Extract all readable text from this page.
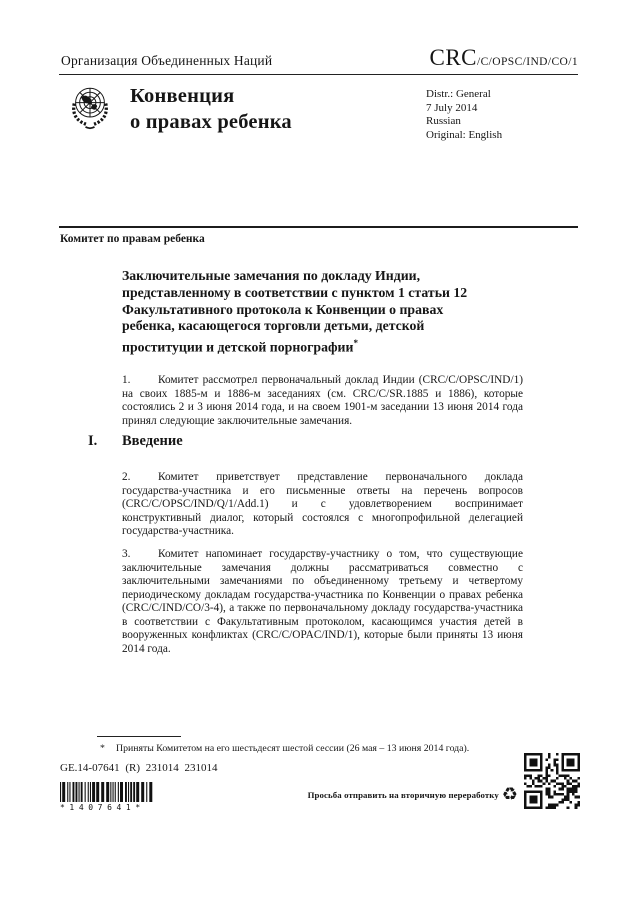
Организация Объединенных Наций	CRC /C/OPSC/IND/CO/1
Конвенция
о правах ребенка
Distr.: General
7 July 2014
Russian
Original: English
Комитет по правам ребенка
Заключительные замечания по докладу Индии, представленному в соответствии с пунктом 1 статьи 12 Факультативного протокола к Конвенции о правах ребенка, касающегося торговли детьми, детской проституции и детской порнографии*

1. Комитет рассмотрел первоначальный доклад Индии (CRC/C/OPSC/IND/1) на своих 1885-м и 1886-м заседаниях (см. CRC/C/SR.1885 и 1886), которые состоялись 2 и 3 июня 2014 года, и на своем 1901-м заседании 13 июня 2014 года принял следующие заключительные замечания.

I. Введение

2. Комитет приветствует представление первоначального доклада государства-участника и его письменные ответы на перечень вопросов (CRC/C/OPSC/IND/Q/1/Add.1) и с удовлетворением воспринимает конструктивный диалог, который состоялся с многопрофильной делегацией государства-участника.

3. Комитет напоминает государству-участнику о том, что существующие заключительные замечания должны рассматриваться совместно с заключительными замечаниями по объединенному третьему и четвертому периодическому докладам государства-участника по Конвенции о правах ребенка (CRC/C/IND/CO/3-4), а также по первоначальному докладу государства-участника в соответствии с Факультативным протоколом, касающимся участия детей в вооруженных конфликтах (CRC/C/OPAC/IND/1), которые были приняты 13 июня 2014 года.

* Приняты Комитетом на его шестьдесят шестой сессии (26 мая – 13 июня 2014 года).
GE.14-07641 (R) 231014 231014
*1407641*
Просьба отправить на вторичную переработку ♻
